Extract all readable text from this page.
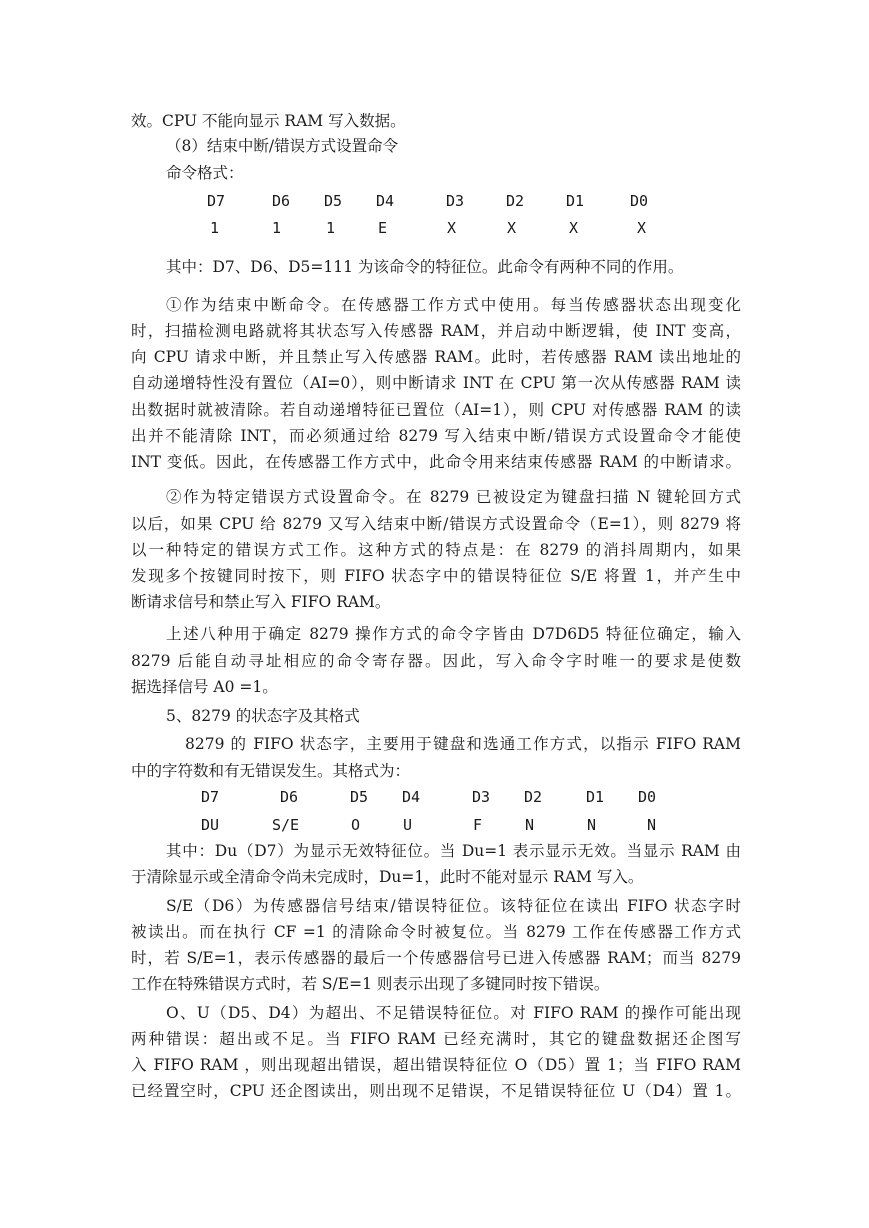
效。CPU 不能向显示 RAM 写入数据。
（8）结束中断/错误方式设置命令
命令格式：
D7	D6 D5 D4	D3	D2	D1	D0
1	1	1	E	X	X	X	X
其中：D7、D6、D5=111 为该命令的特征位。此命令有两种不同的作用。
①作为结束中断命令。在传感器工作方式中使用。每当传感器状态出现变化
时，扫描检测电路就将其状态写入传感器 RAM，并启动中断逻辑，使 INT 变高，
向 CPU 请求中断，并且禁止写入传感器 RAM。此时，若传感器 RAM 读出地址的
自动递增特性没有置位（AI=0），则中断请求 INT 在 CPU 第一次从传感器 RAM 读
出数据时就被清除。若自动递增特征已置位（AI=1），则 CPU 对传感器 RAM 的读
出并不能清除 INT，而必须通过给 8279 写入结束中断/错误方式设置命令才能使
INT 变低。因此，在传感器工作方式中，此命令用来结束传感器 RAM 的中断请求。
②作为特定错误方式设置命令。在 8279 已被设定为键盘扫描 N 键轮回方式
以后，如果 CPU 给 8279 又写入结束中断/错误方式设置命令（E=1），则 8279 将
以一种特定的错误方式工作。这种方式的特点是：在 8279 的消抖周期内，如果
发现多个按键同时按下，则 FIFO 状态字中的错误特征位 S/E 将置 1，并产生中
断请求信号和禁止写入 FIFO RAM。
上述八种用于确定 8279 操作方式的命令字皆由 D7D6D5 特征位确定，输入
8279 后能自动寻址相应的命令寄存器。因此，写入命令字时唯一的要求是使数
据选择信号 A0 =1。
5、8279 的状态字及其格式
8279 的 FIFO 状态字，主要用于键盘和选通工作方式，以指示 FIFO RAM
中的字符数和有无错误发生。其格式为：
D7	D6	D5 D4	D3 D2	D1 D0
DU	S/E	O	U	F	N	N	N
其中：Du（D7）为显示无效特征位。当 Du=1 表示显示无效。当显示 RAM 由
于清除显示或全清命令尚未完成时，Du=1，此时不能对显示 RAM 写入。
S/E（D6）为传感器信号结束/错误特征位。该特征位在读出 FIFO 状态字时
被读出。而在执行 CF =1 的清除命令时被复位。当 8279 工作在传感器工作方式
时，若 S/E=1，表示传感器的最后一个传感器信号已进入传感器 RAM；而当 8279
工作在特殊错误方式时，若 S/E=1 则表示出现了多键同时按下错误。
O、U（D5、D4）为超出、不足错误特征位。对 FIFO RAM 的操作可能出现
两种错误：超出或不足。当 FIFO RAM 已经充满时，其它的键盘数据还企图写
入 FIFO RAM ，则出现超出错误，超出错误特征位 O（D5）置 1；当 FIFO RAM
已经置空时，CPU 还企图读出，则出现不足错误，不足错误特征位 U（D4）置 1。
